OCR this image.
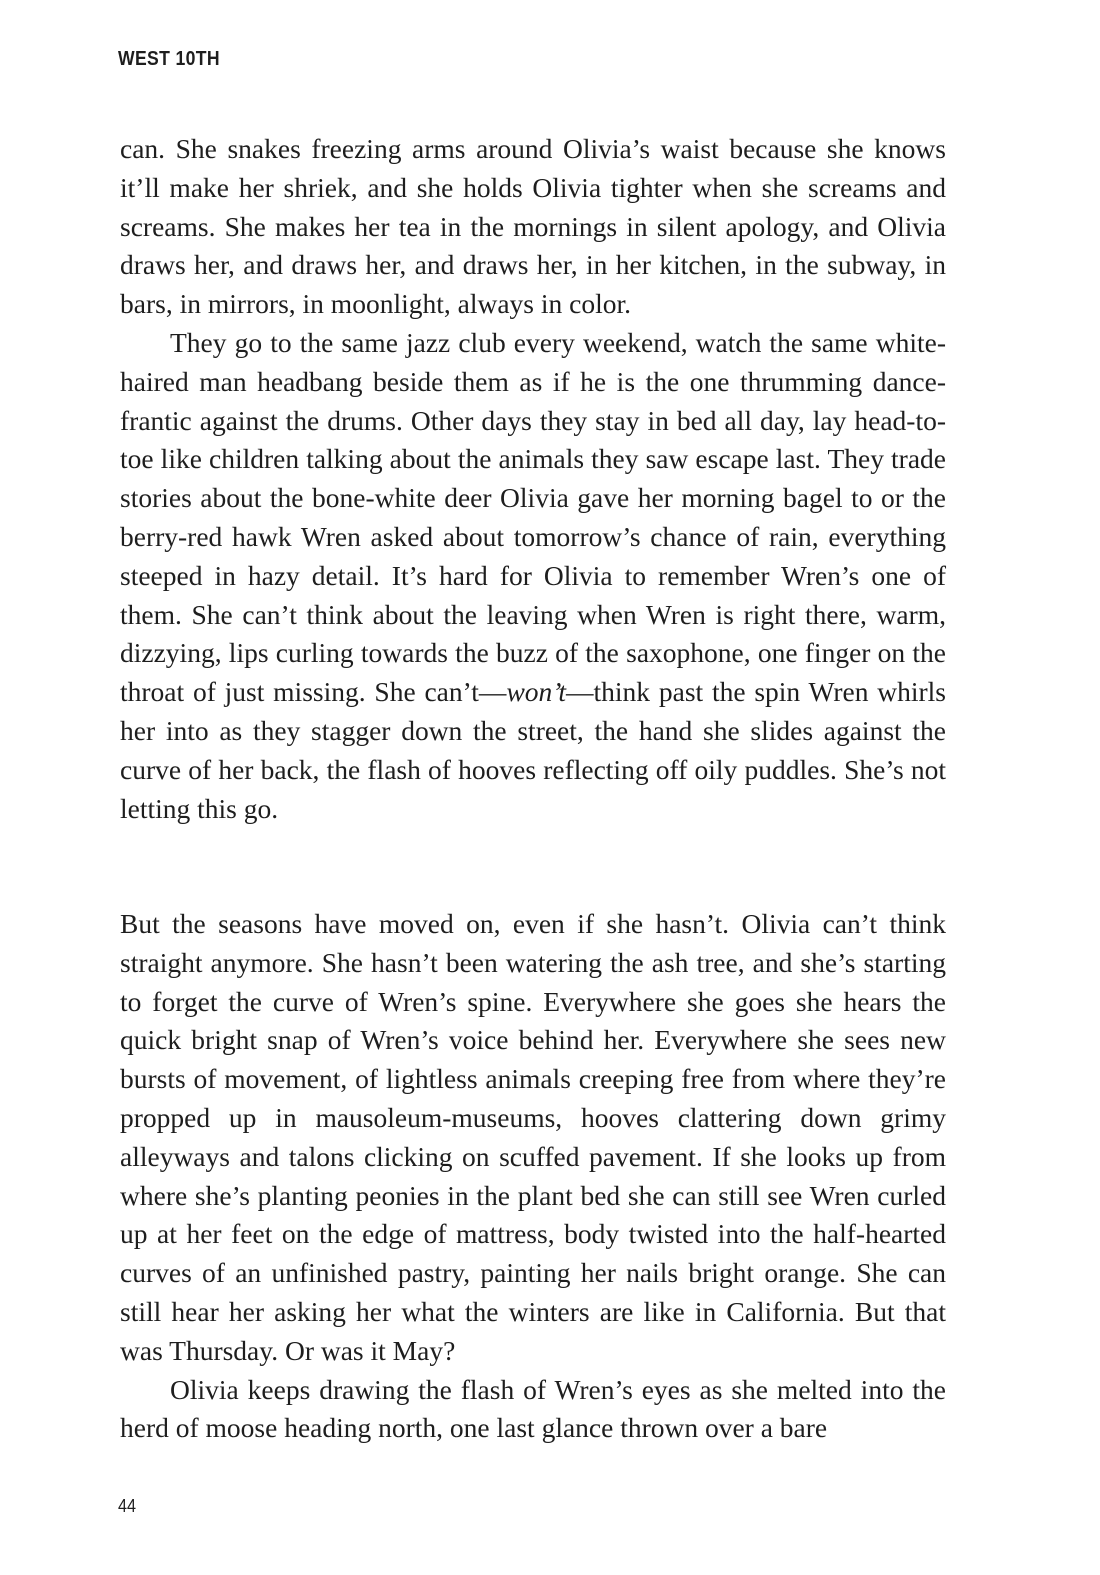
WEST 10TH

can. She snakes freezing arms around Olivia’s waist because she knows it’ll make her shriek, and she holds Olivia tighter when she screams and screams. She makes her tea in the mornings in silent apology, and Olivia draws her, and draws her, and draws her, in her kitchen, in the subway, in bars, in mirrors, in moonlight, always in color.

They go to the same jazz club every weekend, watch the same white-haired man headbang beside them as if he is the one thrumming dance-frantic against the drums. Other days they stay in bed all day, lay head-to-toe like children talking about the animals they saw escape last. They trade stories about the bone-white deer Olivia gave her morning bagel to or the berry-red hawk Wren asked about tomorrow’s chance of rain, everything steeped in hazy detail. It’s hard for Olivia to remember Wren’s one of them. She can’t think about the leaving when Wren is right there, warm, dizzying, lips curling towards the buzz of the saxophone, one finger on the throat of just missing. She can’t—won’t—think past the spin Wren whirls her into as they stagger down the street, the hand she slides against the curve of her back, the flash of hooves reflecting off oily puddles. She’s not letting this go.

But the seasons have moved on, even if she hasn’t. Olivia can’t think straight anymore. She hasn’t been watering the ash tree, and she’s starting to forget the curve of Wren’s spine. Everywhere she goes she hears the quick bright snap of Wren’s voice behind her. Everywhere she sees new bursts of movement, of lightless animals creeping free from where they’re propped up in mausoleum-museums, hooves clattering down grimy alleyways and talons clicking on scuffed pavement. If she looks up from where she’s planting peonies in the plant bed she can still see Wren curled up at her feet on the edge of mattress, body twisted into the half-hearted curves of an unfinished pastry, painting her nails bright orange. She can still hear her asking her what the winters are like in California. But that was Thursday. Or was it May?

Olivia keeps drawing the flash of Wren’s eyes as she melted into the herd of moose heading north, one last glance thrown over a bare

44
